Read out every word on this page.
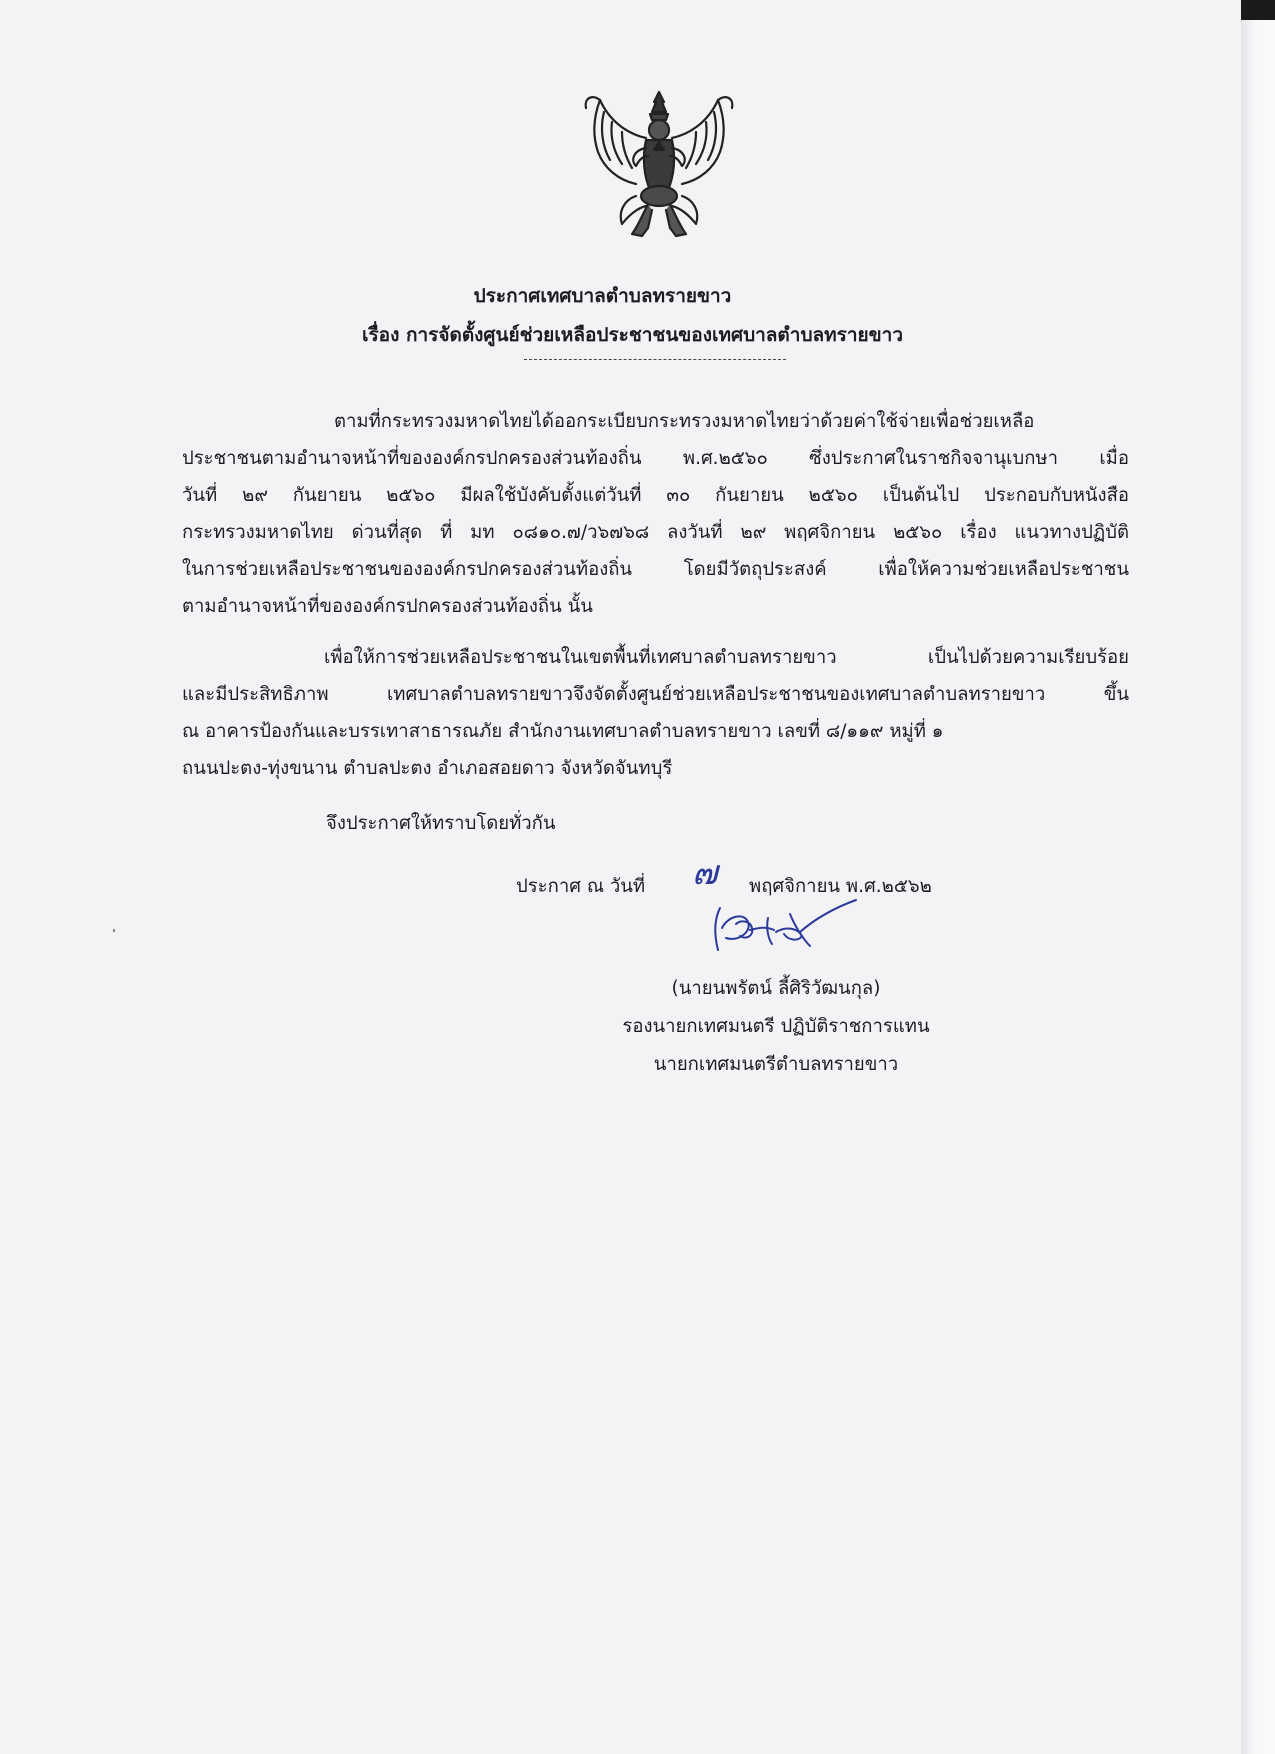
ประกาศเทศบาลตำบลทรายขาว
เรื่อง การจัดตั้งศูนย์ช่วยเหลือประชาชนของเทศบาลตำบลทรายขาว
ตามที่กระทรวงมหาดไทยได้ออกระเบียบกระทรวงมหาดไทยว่าด้วยค่าใช้จ่ายเพื่อช่วยเหลือ
ประชาชนตามอำนาจหน้าที่ขององค์กรปกครองส่วนท้องถิ่น พ.ศ.๒๕๖๐ ซึ่งประกาศในราชกิจจานุเบกษา เมื่อ
วันที่ ๒๙ กันยายน ๒๕๖๐ มีผลใช้บังคับตั้งแต่วันที่ ๓๐ กันยายน ๒๕๖๐ เป็นต้นไป ประกอบกับหนังสือ
กระทรวงมหาดไทย ด่วนที่สุด ที่ มท ๐๘๑๐.๗/ว๖๗๖๘ ลงวันที่ ๒๙ พฤศจิกายน ๒๕๖๐ เรื่อง แนวทางปฏิบัติ
ในการช่วยเหลือประชาชนขององค์กรปกครองส่วนท้องถิ่น โดยมีวัตถุประสงค์ เพื่อให้ความช่วยเหลือประชาชน
ตามอำนาจหน้าที่ขององค์กรปกครองส่วนท้องถิ่น นั้น
เพื่อให้การช่วยเหลือประชาชนในเขตพื้นที่เทศบาลตำบลทรายขาว เป็นไปด้วยความเรียบร้อย
และมีประสิทธิภาพ เทศบาลตำบลทรายขาวจึงจัดตั้งศูนย์ช่วยเหลือประชาชนของเทศบาลตำบลทรายขาว ขึ้น
ณ อาคารป้องกันและบรรเทาสาธารณภัย สำนักงานเทศบาลตำบลทรายขาว เลขที่ ๘/๑๑๙ หมู่ที่ ๑
ถนนปะตง-ทุ่งขนาน ตำบลปะตง อำเภอสอยดาว จังหวัดจันทบุรี
จึงประกาศให้ทราบโดยทั่วกัน
ประกาศ ณ วันที่ ๗ พฤศจิกายน พ.ศ.๒๕๖๒
(นายนพรัตน์ ลี้ศิริวัฒนกุล)
รองนายกเทศมนตรี ปฏิบัติราชการแทน
นายกเทศมนตรีตำบลทรายขาว
